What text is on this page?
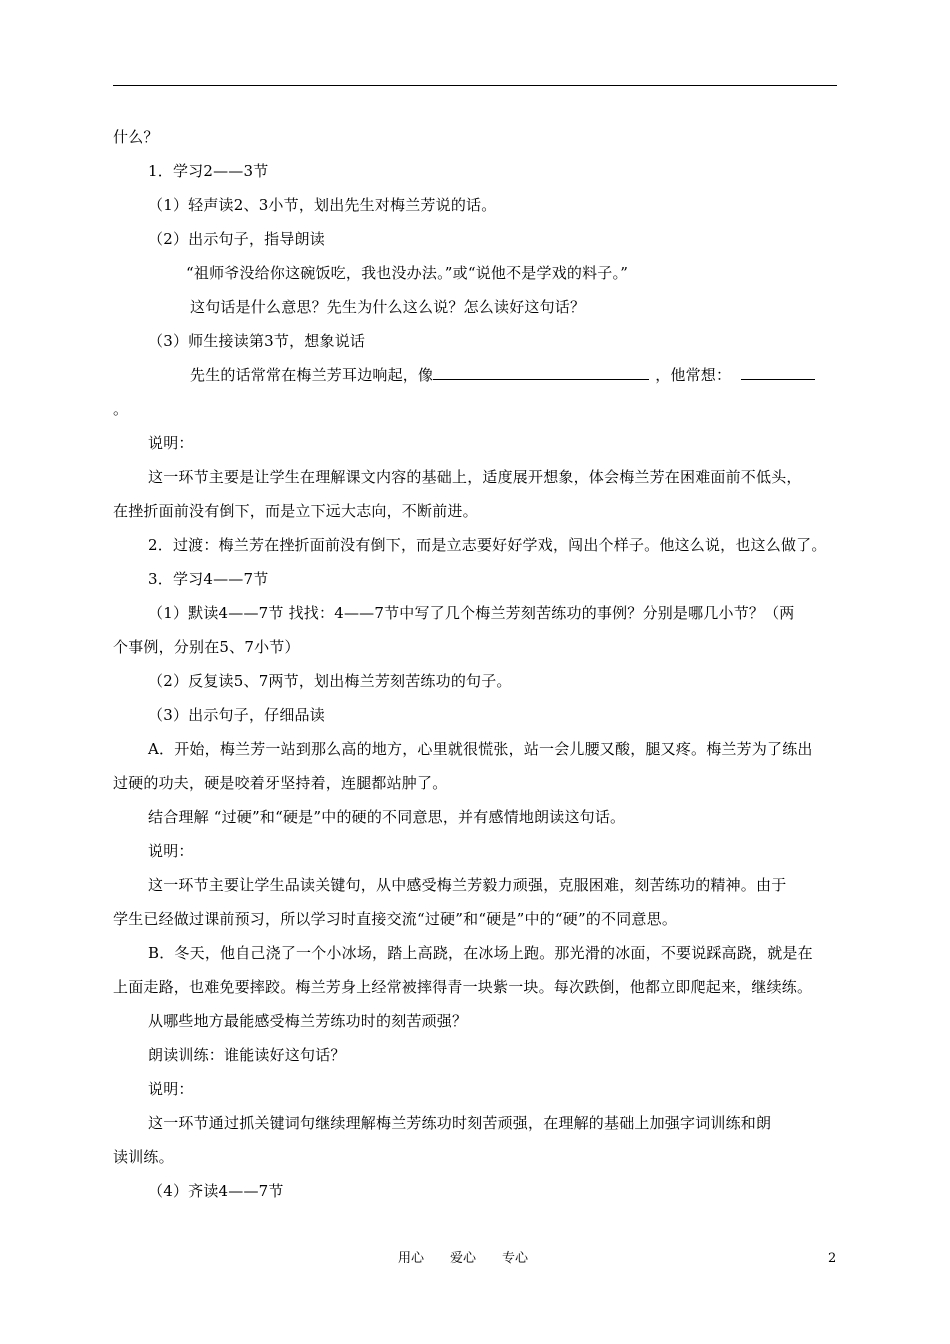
什么？
1．学习2——3节
（1）轻声读2、3小节，划出先生对梅兰芳说的话。
（2）出示句子，指导朗读
“祖师爷没给你这碗饭吃，我也没办法。”或“说他不是学戏的料子。”
这句话是什么意思？先生为什么这么说？怎么读好这句话？
（3）师生接读第3节，想象说话
先生的话常常在梅兰芳耳边响起，像	，他常想：
。
说明：
这一环节主要是让学生在理解课文内容的基础上，适度展开想象，体会梅兰芳在困难面前不低头，
在挫折面前没有倒下，而是立下远大志向，不断前进。
2．过渡：梅兰芳在挫折面前没有倒下，而是立志要好好学戏，闯出个样子。他这么说，也这么做了。
3．学习4——7节
（1）默读4——7节 找找：4——7节中写了几个梅兰芳刻苦练功的事例？分别是哪几小节？（两
个事例，分别在5、7小节）
（2）反复读5、7两节，划出梅兰芳刻苦练功的句子。
（3）出示句子，仔细品读
A．开始，梅兰芳一站到那么高的地方，心里就很慌张，站一会儿腰又酸，腿又疼。梅兰芳为了练出
过硬的功夫，硬是咬着牙坚持着，连腿都站肿了。
结合理解 “过硬”和“硬是”中的硬的不同意思，并有感情地朗读这句话。
说明：
这一环节主要让学生品读关键句，从中感受梅兰芳毅力顽强，克服困难，刻苦练功的精神。由于
学生已经做过课前预习，所以学习时直接交流“过硬”和“硬是”中的“硬”的不同意思。
B．冬天，他自己浇了一个小冰场，踏上高跷，在冰场上跑。那光滑的冰面，不要说踩高跷，就是在
上面走路，也难免要摔跤。梅兰芳身上经常被摔得青一块紫一块。每次跌倒，他都立即爬起来，继续练。
从哪些地方最能感受梅兰芳练功时的刻苦顽强？
朗读训练：谁能读好这句话？
说明：
这一环节通过抓关键词句继续理解梅兰芳练功时刻苦顽强，在理解的基础上加强字词训练和朗
读训练。
（4）齐读4——7节
用心 爱心 专心	2
